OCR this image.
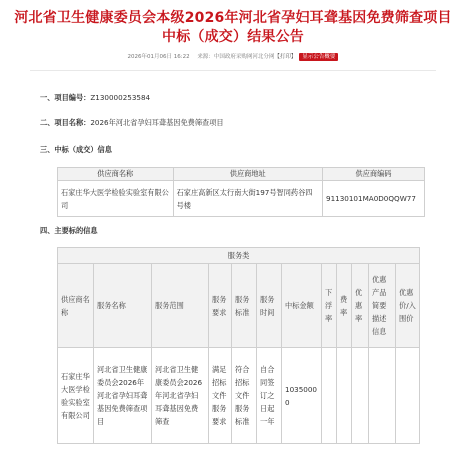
河北省卫生健康委员会本级2026年河北省孕妇耳聋基因免费筛查项目中标（成交）结果公告
2026年01月06日 16:22 来源：中国政府采购网河北分网【打印】 显示公告概要
一、项目编号：Z130000253584
二、项目名称：2026年河北省孕妇耳聋基因免费筛查项目
三、中标（成交）信息
供应商名称	供应商地址	供应商编码
石家庄华大医学检验实验室有限公司	石家庄高新区太行南大街197号智同药谷四号楼	91130101MA0D0QQW77
四、主要标的信息
服务类											
供应商名称	服务名称	服务范围	服务要求	服务标准	服务时间	中标金额	下浮率	费率	优惠率	优惠产品简要描述信息	优惠价/入围价
石家庄华大医学检验实验室有限公司	河北省卫生健康委员会2026年河北省孕妇耳聋基因免费筛查项目	河北省卫生健康委员会2026年河北省孕妇耳聋基因免费筛查	满足招标文件服务要求	符合招标文件服务标准	自合同签订之日起一年	10350000					
